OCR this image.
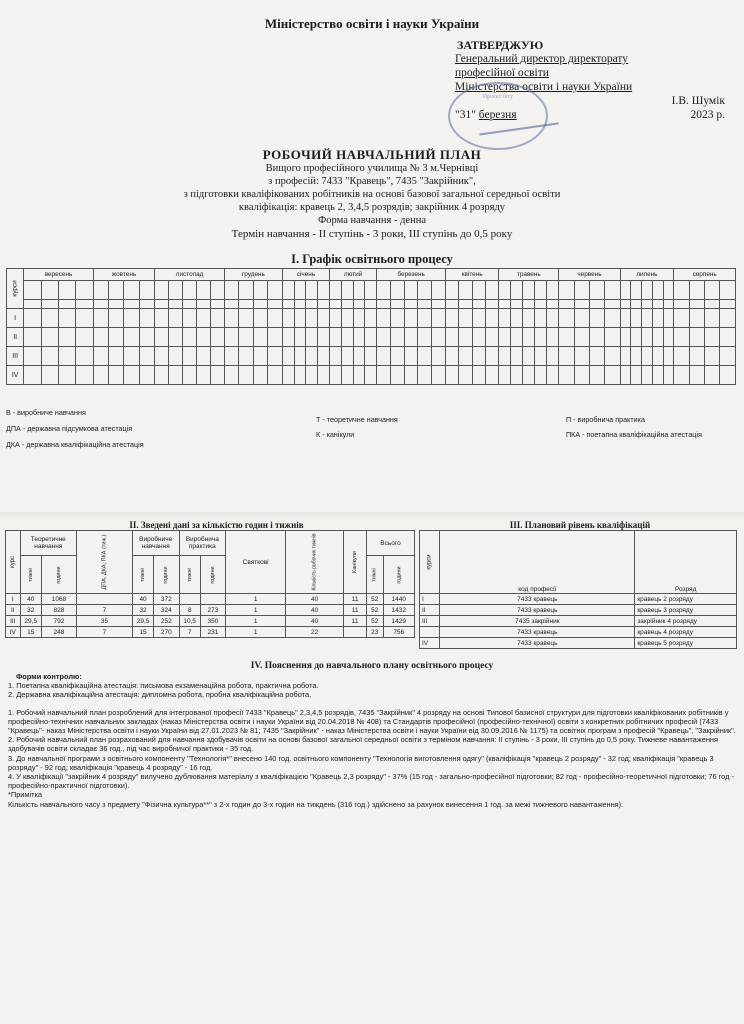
Міністерство освіти і науки України
ЗАТВЕРДЖУЮ
Генеральний директор директорату
професійної освіти
Міністерства освіти і науки України

І.В. Шумік
"31" березня	2023 р.
Проєкт бігу
РОБОЧИЙ НАВЧАЛЬНИЙ ПЛАН
Вищого професійного училища № 3 м.Чернівці
з професій: 7433 "Кравець", 7435 "Закрійник",
з підготовки кваліфікованих робітників на основі базової загальної середньої освіти
кваліфікація: кравець 2, 3,4,5 розрядів; закрійник 4 розряду
Форма навчання - денна
Термін навчання - ІІ ступінь - 3 роки, ІІІ ступінь до 0,5 року
І. Графік освітнього процесу
курси	вересень				жовтень				листопад					грудень				січень				лютий				березень					квітень				травень					червень				липень					серпень			

І																																																				
ІІ																																																				
ІІІ																																																				
IV																																																				
В - виробниче навчання
ДПА - державна підсумкова атестація
ДКА - державна кваліфікаційна атестація
Т - теоретичне навчання
К - канікули
П - виробнича практика
ПКА - поетапна кваліфікаційна атестація
ІІ. Зведені дані за кількістю годин і тижнів	ІІІ. Плановий рівень кваліфікацій
курс	Теоретичне навчання		ДПА, ДКА, ПКА (тиж.)	Виробниче навчання		Виробнича практика		Святкові	Кількість робочих тижнів	Канікули	Всього	

	тижні	години		тижні	години	тижні	години				тижні	години

І	40	1068		40	372			1	40	11	52	1440
ІІ	32	828	7	32	324	8	273	1	40	11	52	1432
ІІІ	29,5	792	35	29,5	252	10,5	350	1	40	11	52	1429
IV	15	248	7	15	270	7	231	1	22		23	756
курси	код професії	Розряд
І	7433 кравець	кравець 2 розряду
ІІ	7433 кравець	кравець 3 розряду
ІІІ	7435 закрійник	закрійник 4 розряду
	7433 кравець	кравець 4 розряду
IV	7433 кравець	кравець 5 розряду
IV. Пояснення до навчального плану освітнього процесу

Форми контролю:

1. Поетапна кваліфікаційна атестація: письмова екзаменаційна робота, практична робота.

2. Державна кваліфікаційна атестація: дипломна робота, пробна кваліфікаційна робота.

1. Робочий навчальний план розроблений для інтегрованої професії 7433 "Кравець" 2,3,4,5 розрядів, 7435 "Закрійник" 4 розряду на основі Типової базисної структури для підготовки кваліфікованих робітників у професійно-технічних навчальних закладах (наказ Міністерства освіти і науки України від 20.04.2018 № 408) та Стандартів професійної (професійно-технічної) освіти з конкретних робітничих професій (7433 "Кравець"- наказ Міністерства освіти і науки України від 27.01.2023 № 81; 7435 "Закрійник" - наказ Міністерства освіти і науки України від 30.09.2016 № 1175) та освітніх програм з професій "Кравець", "Закрійник".

2. Робочий навчальний план розрахований для навчання здобувачів освіти на основі базової загальної середньої освіти з терміном навчання: ІІ ступінь - 3 роки, ІІІ ступінь до 0,5 року. Тижневе навантаження здобувачів освіти складає 36 год., під час виробничої практики - 35 год.

3. До навчальної програми з освітнього компоненту "Технологія*" внесено 140 год. освітнього компоненту "Технологія виготовлення одягу" (кваліфікація "кравець 2 розряду" - 32 год; кваліфікація "кравець 3 розряду" - 92 год; кваліфікація "кравець 4 розряду" - 16 год.

4. У кваліфікації "закрійник 4 розряду" вилучено дублювання матеріалу з кваліфікацією "Кравець 2,3 розряду" - 37% (15 год - загально-професійної підготовки; 82 год - професійно-теоретичної підготовки; 76 год - професійно-практичної підготовки).

*Примітка

Кількість навчального часу з предмету "Фізична культура**" з 2-х годин до 3-х годин на тиждень (316 год.) здійснено за рахунок винесення 1 год. за межі тижневого навантаження).
